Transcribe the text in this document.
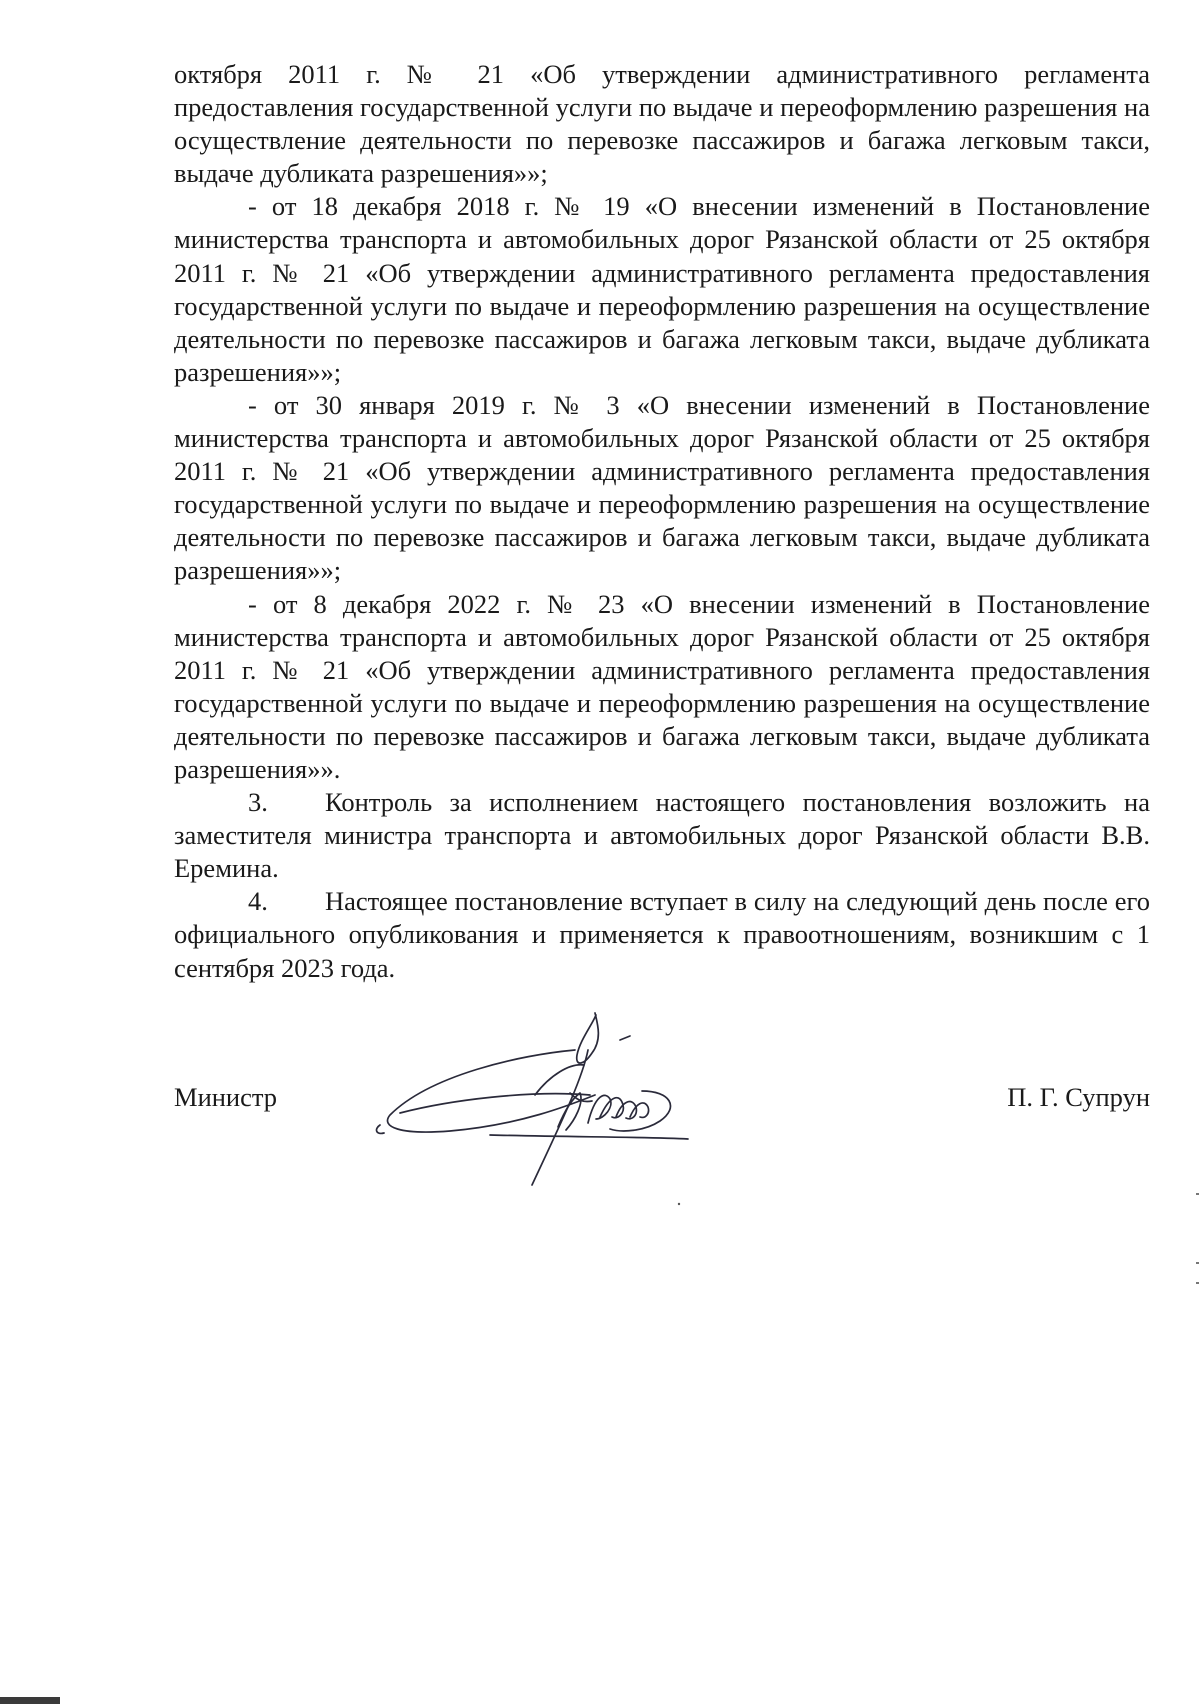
октября 2011 г. № 21 «Об утверждении административного регламента предоставления государственной услуги по выдаче и переоформлению разрешения на осуществление деятельности по перевозке пассажиров и багажа легковым такси, выдаче дубликата разрешения»»;

- от 18 декабря 2018 г. № 19 «О внесении изменений в Постановление министерства транспорта и автомобильных дорог Рязанской области от 25 октября 2011 г. № 21 «Об утверждении административного регламента предоставления государственной услуги по выдаче и переоформлению разрешения на осуществление деятельности по перевозке пассажиров и багажа легковым такси, выдаче дубликата разрешения»»;

- от 30 января 2019 г. № 3 «О внесении изменений в Постановление министерства транспорта и автомобильных дорог Рязанской области от 25 октября 2011 г. № 21 «Об утверждении административного регламента предоставления государственной услуги по выдаче и переоформлению разрешения на осуществление деятельности по перевозке пассажиров и багажа легковым такси, выдаче дубликата разрешения»»;

- от 8 декабря 2022 г. № 23 «О внесении изменений в Постановление министерства транспорта и автомобильных дорог Рязанской области от 25 октября 2011 г. № 21 «Об утверждении административного регламента предоставления государственной услуги по выдаче и переоформлению разрешения на осуществление деятельности по перевозке пассажиров и багажа легковым такси, выдаче дубликата разрешения»».

3. Контроль за исполнением настоящего постановления возложить на заместителя министра транспорта и автомобильных дорог Рязанской области В.В. Еремина.

4. Настоящее постановление вступает в силу на следующий день после его официального опубликования и применяется к правоотношениям, возникшим с 1 сентября 2023 года.

Министр	П. Г. Супрун
